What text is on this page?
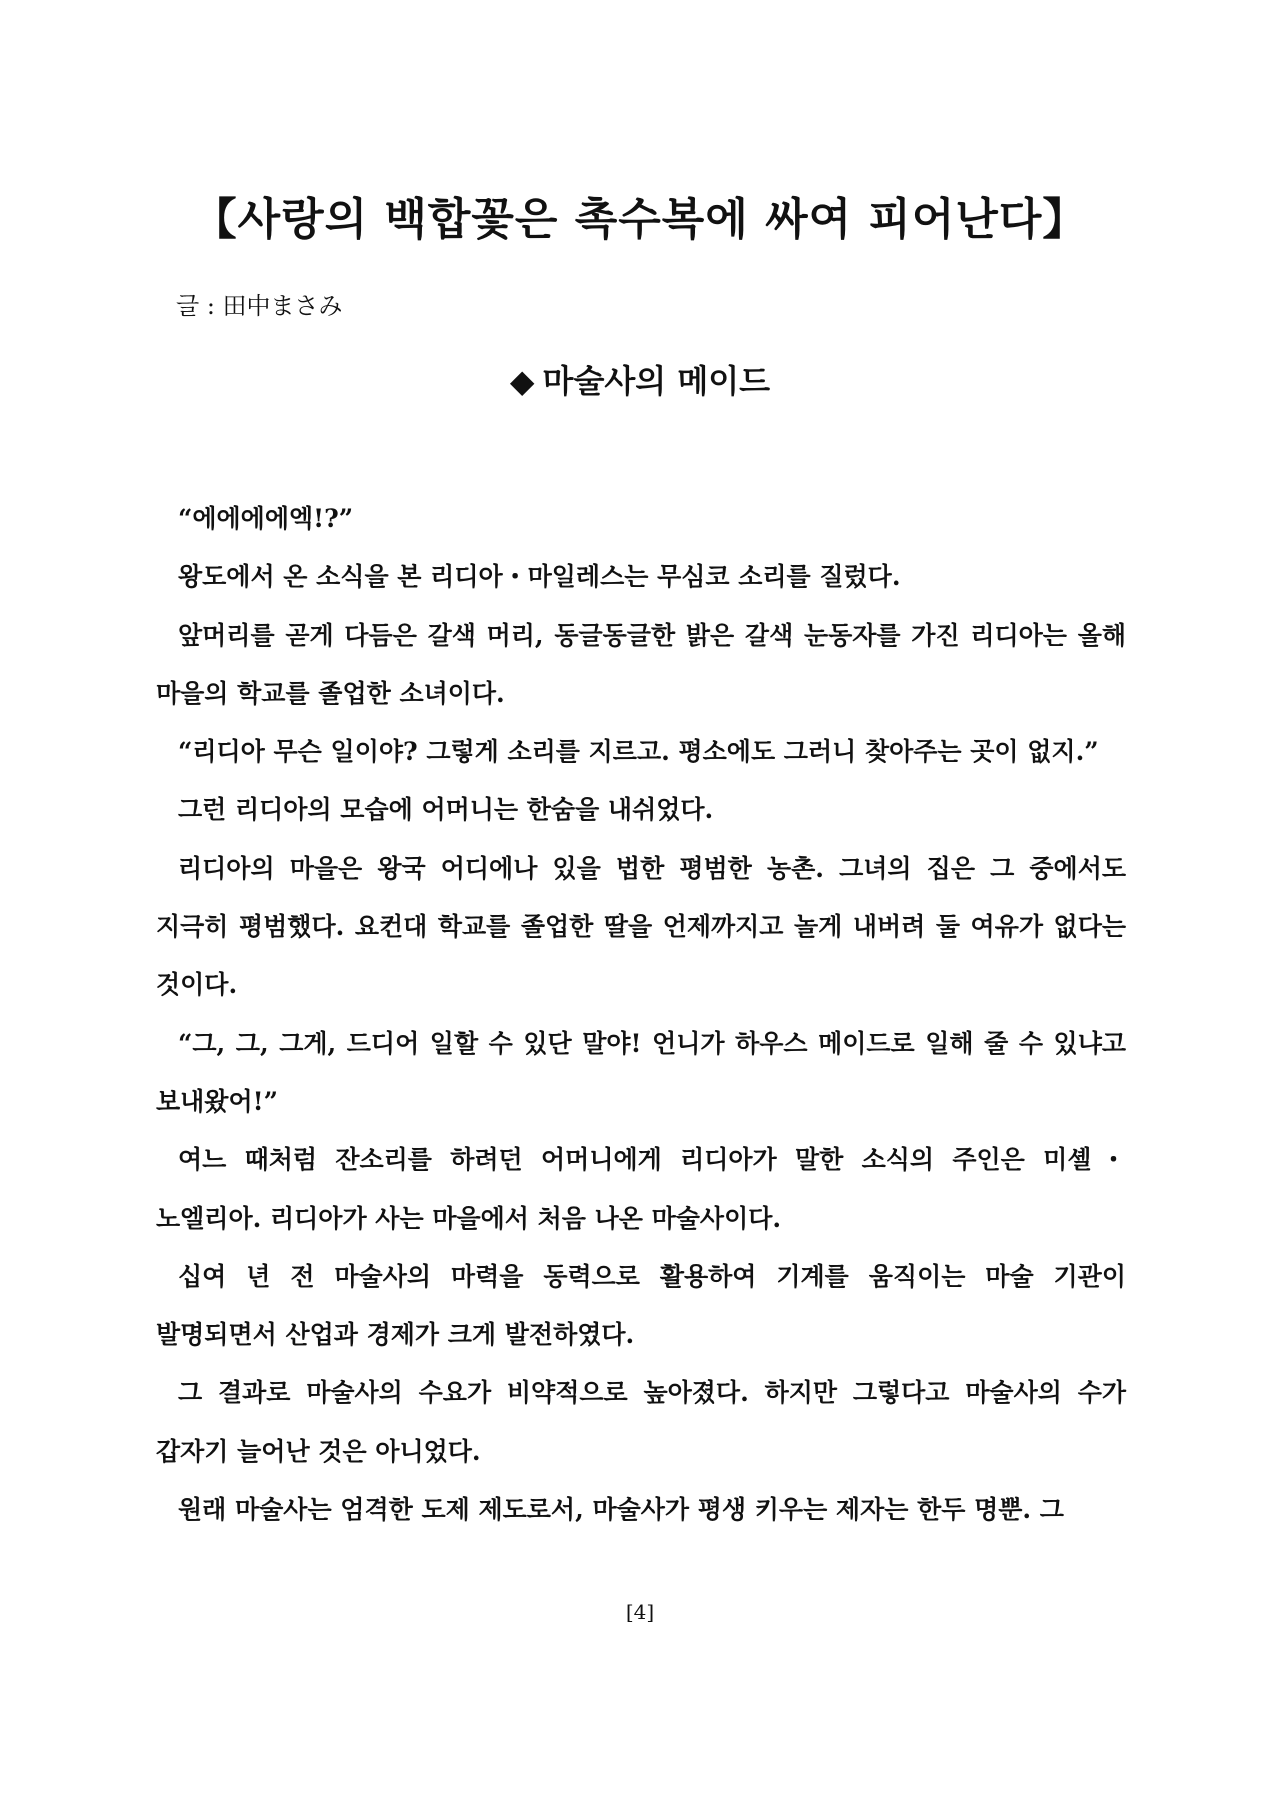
【사랑의 백합꽃은 촉수복에 싸여 피어난다】
글 : 田中まさみ
◆ 마술사의 메이드

“에에에에엑!?”

왕도에서 온 소식을 본 리디아・마일레스는 무심코 소리를 질렀다.

앞머리를 곧게 다듬은 갈색 머리, 동글동글한 밝은 갈색 눈동자를 가진 리디아는 올해 마을의 학교를 졸업한 소녀이다.

“리디아 무슨 일이야? 그렇게 소리를 지르고. 평소에도 그러니 찾아주는 곳이 없지.”

그런 리디아의 모습에 어머니는 한숨을 내쉬었다.

리디아의 마을은 왕국 어디에나 있을 법한 평범한 농촌. 그녀의 집은 그 중에서도 지극히 평범했다. 요컨대 학교를 졸업한 딸을 언제까지고 놀게 내버려 둘 여유가 없다는 것이다.

“그, 그, 그게, 드디어 일할 수 있단 말야! 언니가 하우스 메이드로 일해 줄 수 있냐고 보내왔어!”

여느 때처럼 잔소리를 하려던 어머니에게 리디아가 말한 소식의 주인은 미셸・노엘리아. 리디아가 사는 마을에서 처음 나온 마술사이다.

십여 년 전 마술사의 마력을 동력으로 활용하여 기계를 움직이는 마술 기관이 발명되면서 산업과 경제가 크게 발전하였다.

그 결과로 마술사의 수요가 비약적으로 높아졌다. 하지만 그렇다고 마술사의 수가 갑자기 늘어난 것은 아니었다.

원래 마술사는 엄격한 도제 제도로서, 마술사가 평생 키우는 제자는 한두 명뿐. 그

[4]
